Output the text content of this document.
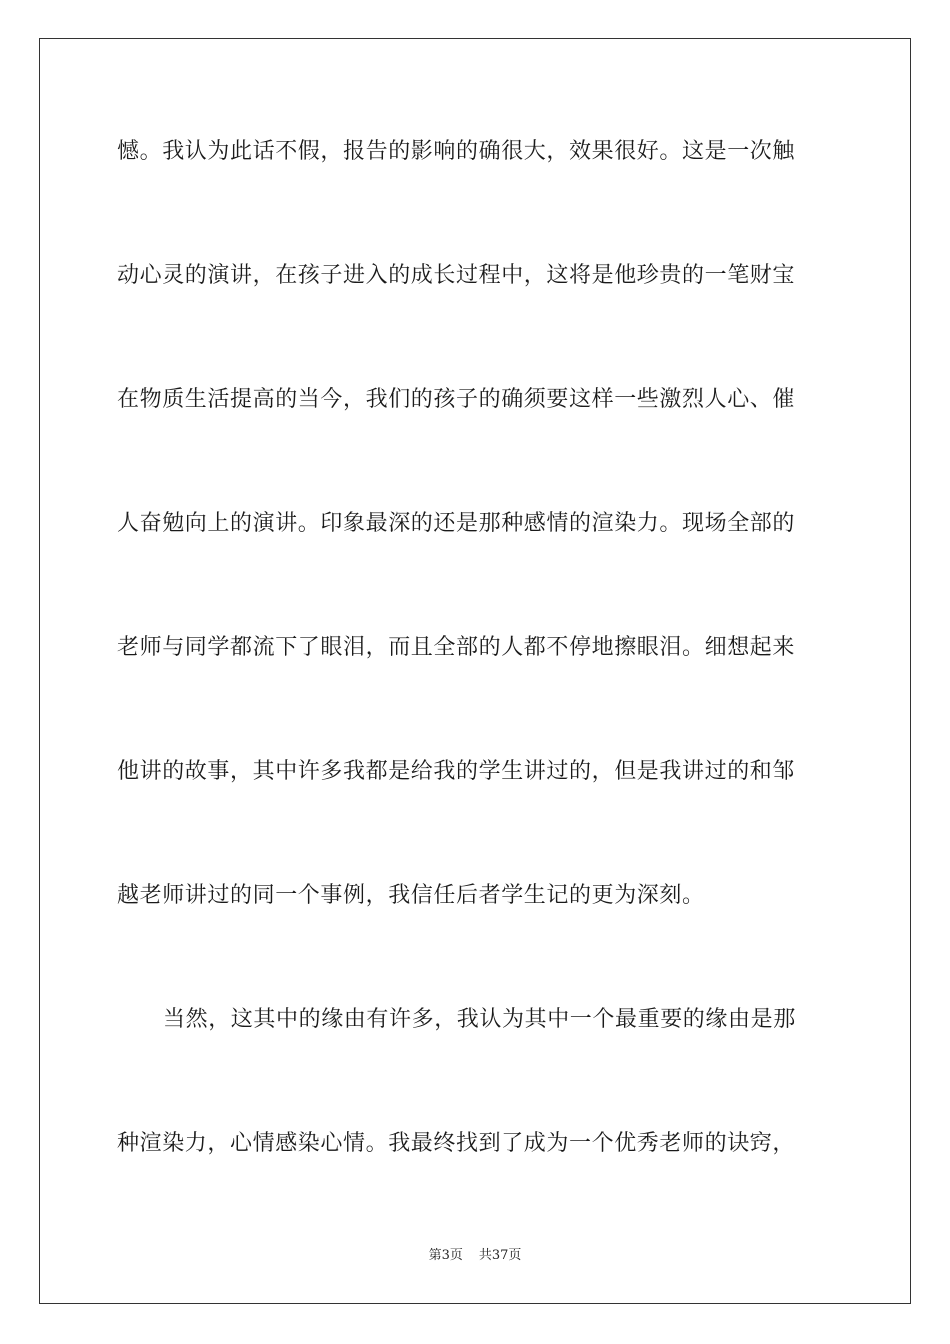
憾。我认为此话不假，报告的影响的确很大，效果很好。这是一次触
动心灵的演讲，在孩子进入的成长过程中，这将是他珍贵的一笔财宝
在物质生活提高的当今，我们的孩子的确须要这样一些激烈人心、催
人奋勉向上的演讲。印象最深的还是那种感情的渲染力。现场全部的
老师与同学都流下了眼泪，而且全部的人都不停地擦眼泪。细想起来
他讲的故事，其中许多我都是给我的学生讲过的，但是我讲过的和邹
越老师讲过的同一个事例，我信任后者学生记的更为深刻。
当然，这其中的缘由有许多，我认为其中一个最重要的缘由是那
种渲染力，心情感染心情。我最终找到了成为一个优秀老师的诀窍，
第3页 共37页
